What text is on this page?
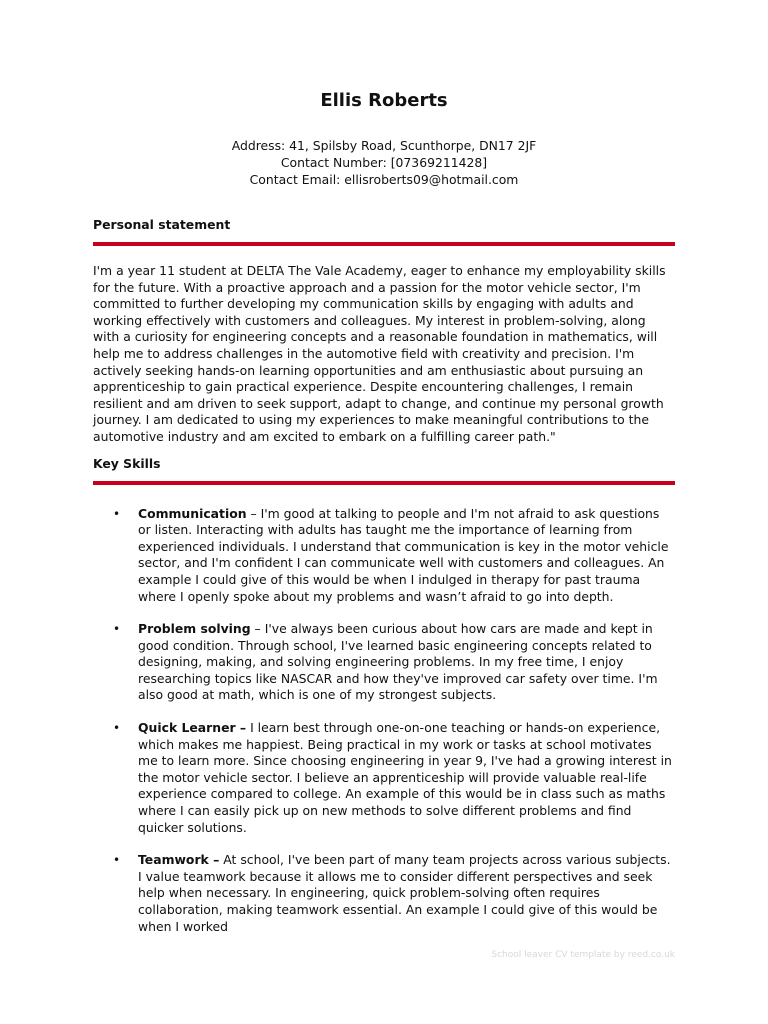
Ellis Roberts
Address: 41, Spilsby Road, Scunthorpe, DN17 2JF
Contact Number: [07369211428]
Contact Email: ellisroberts09@hotmail.com
Personal statement
I'm a year 11 student at DELTA The Vale Academy, eager to enhance my employability skills for the future. With a proactive approach and a passion for the motor vehicle sector, I'm committed to further developing my communication skills by engaging with adults and working effectively with customers and colleagues. My interest in problem-solving, along with a curiosity for engineering concepts and a reasonable foundation in mathematics, will help me to address challenges in the automotive field with creativity and precision. I'm actively seeking hands-on learning opportunities and am enthusiastic about pursuing an apprenticeship to gain practical experience. Despite encountering challenges, I remain resilient and am driven to seek support, adapt to change, and continue my personal growth journey. I am dedicated to using my experiences to make meaningful contributions to the automotive industry and am excited to embark on a fulfilling career path."
Key Skills
• Communication – I'm good at talking to people and I'm not afraid to ask questions or listen. Interacting with adults has taught me the importance of learning from experienced individuals. I understand that communication is key in the motor vehicle sector, and I'm confident I can communicate well with customers and colleagues. An example I could give of this would be when I indulged in therapy for past trauma where I openly spoke about my problems and wasn’t afraid to go into depth.
• Problem solving – I've always been curious about how cars are made and kept in good condition. Through school, I've learned basic engineering concepts related to designing, making, and solving engineering problems. In my free time, I enjoy researching topics like NASCAR and how they've improved car safety over time. I'm also good at math, which is one of my strongest subjects.
• Quick Learner – I learn best through one-on-one teaching or hands-on experience, which makes me happiest. Being practical in my work or tasks at school motivates me to learn more. Since choosing engineering in year 9, I've had a growing interest in the motor vehicle sector. I believe an apprenticeship will provide valuable real-life experience compared to college. An example of this would be in class such as maths where I can easily pick up on new methods to solve different problems and find quicker solutions.
• Teamwork – At school, I've been part of many team projects across various subjects. I value teamwork because it allows me to consider different perspectives and seek help when necessary. In engineering, quick problem-solving often requires collaboration, making teamwork essential. An example I could give of this would be when I worked
School leaver CV template by reed.co.uk
